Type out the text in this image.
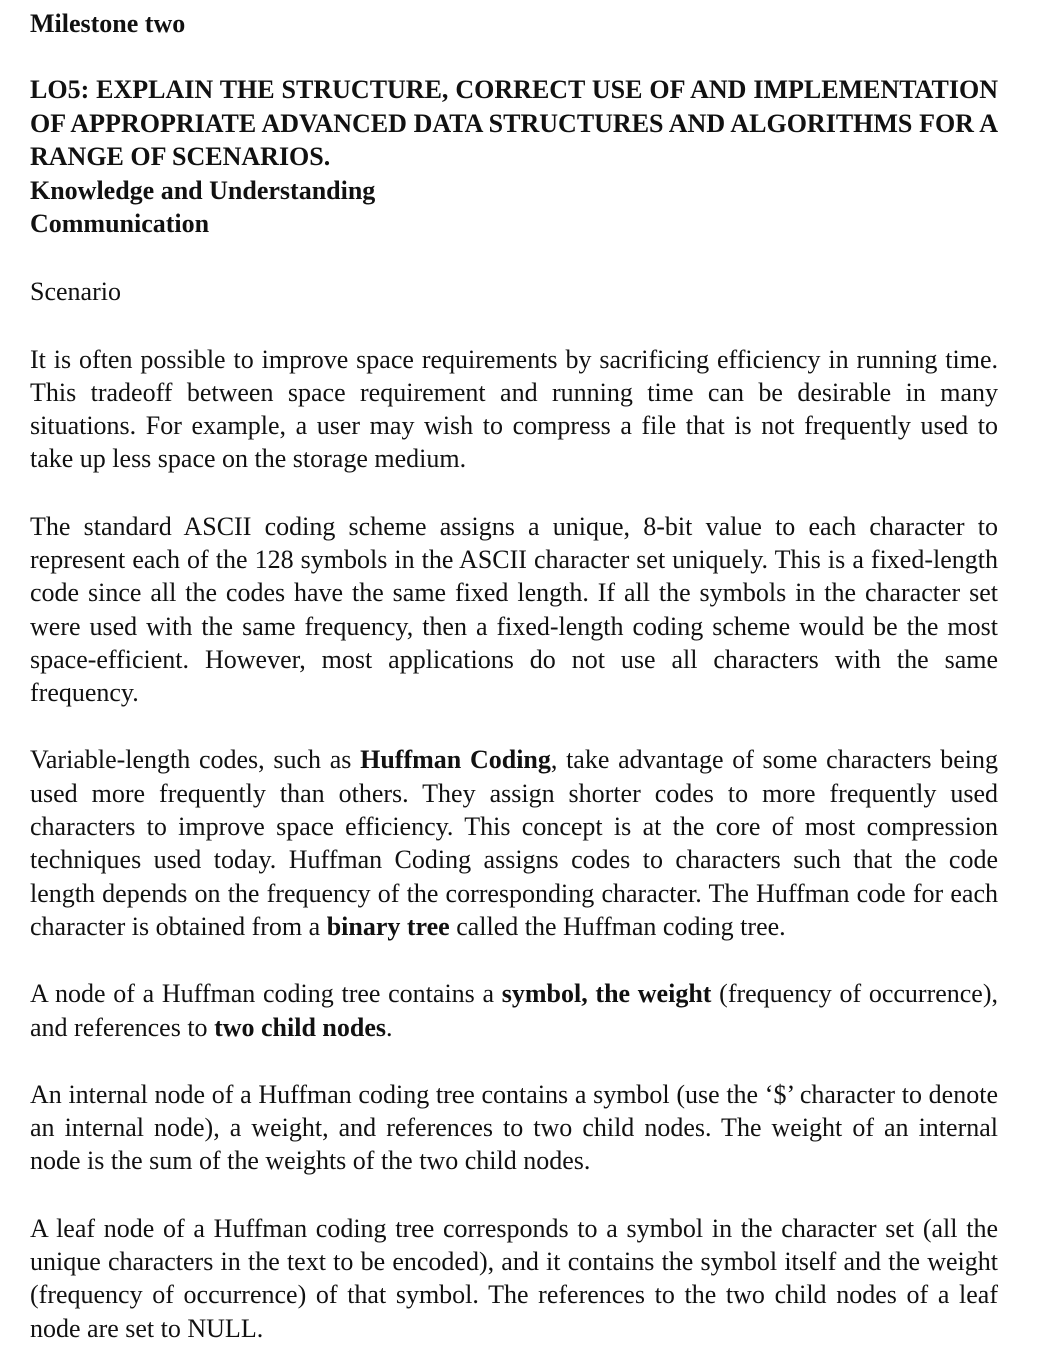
Milestone two
LO5: EXPLAIN THE STRUCTURE, CORRECT USE OF AND IMPLEMENTATION OF APPROPRIATE ADVANCED DATA STRUCTURES AND ALGORITHMS FOR A RANGE OF SCENARIOS.
Knowledge and Understanding
Communication
Scenario

It is often possible to improve space requirements by sacrificing efficiency in running time. This tradeoff between space requirement and running time can be desirable in many situations. For example, a user may wish to compress a file that is not frequently used to take up less space on the storage medium.

The standard ASCII coding scheme assigns a unique, 8-bit value to each character to represent each of the 128 symbols in the ASCII character set uniquely. This is a fixed-length code since all the codes have the same fixed length. If all the symbols in the character set were used with the same frequency, then a fixed-length coding scheme would be the most space-efficient. However, most applications do not use all characters with the same frequency.

Variable-length codes, such as Huffman Coding, take advantage of some characters being used more frequently than others. They assign shorter codes to more frequently used characters to improve space efficiency. This concept is at the core of most compression techniques used today. Huffman Coding assigns codes to characters such that the code length depends on the frequency of the corresponding character. The Huffman code for each character is obtained from a binary tree called the Huffman coding tree.

A node of a Huffman coding tree contains a symbol, the weight (frequency of occurrence), and references to two child nodes.

An internal node of a Huffman coding tree contains a symbol (use the ‘$’ character to denote an internal node), a weight, and references to two child nodes. The weight of an internal node is the sum of the weights of the two child nodes.

A leaf node of a Huffman coding tree corresponds to a symbol in the character set (all the unique characters in the text to be encoded), and it contains the symbol itself and the weight (frequency of occurrence) of that symbol. The references to the two child nodes of a leaf node are set to NULL.
